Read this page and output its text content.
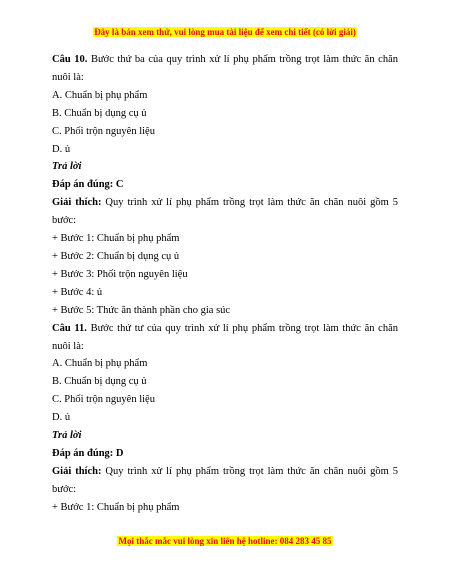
Đây là bản xem thử, vui lòng mua tài liệu để xem chi tiết (có lời giải)
Câu 10. Bước thứ ba của quy trình xử lí phụ phẩm trồng trọt làm thức ăn chăn
nuôi là:
A. Chuẩn bị phụ phẩm
B. Chuẩn bị dụng cụ ủ
C. Phối trộn nguyên liệu
D. ủ
Trả lời
Đáp án đúng: C
Giải thích: Quy trình xử lí phụ phẩm trồng trọt làm thức ăn chăn nuôi gồm 5
bước:
+ Bước 1: Chuẩn bị phụ phẩm
+ Bước 2: Chuẩn bị dụng cụ ủ
+ Bước 3: Phối trộn nguyên liệu
+ Bước 4: ủ
+ Bước 5: Thức ăn thành phần cho gia súc
Câu 11. Bước thứ tư của quy trình xử lí phụ phẩm trồng trọt làm thức ăn chăn
nuôi là:
A. Chuẩn bị phụ phẩm
B. Chuẩn bị dụng cụ ủ
C. Phối trộn nguyên liệu
D. ủ
Trả lời
Đáp án đúng: D
Giải thích: Quy trình xử lí phụ phẩm trồng trọt làm thức ăn chăn nuôi gồm 5
bước:
+ Bước 1: Chuẩn bị phụ phẩm
Mọi thắc mắc vui lòng xin liên hệ hotline: 084 283 45 85
